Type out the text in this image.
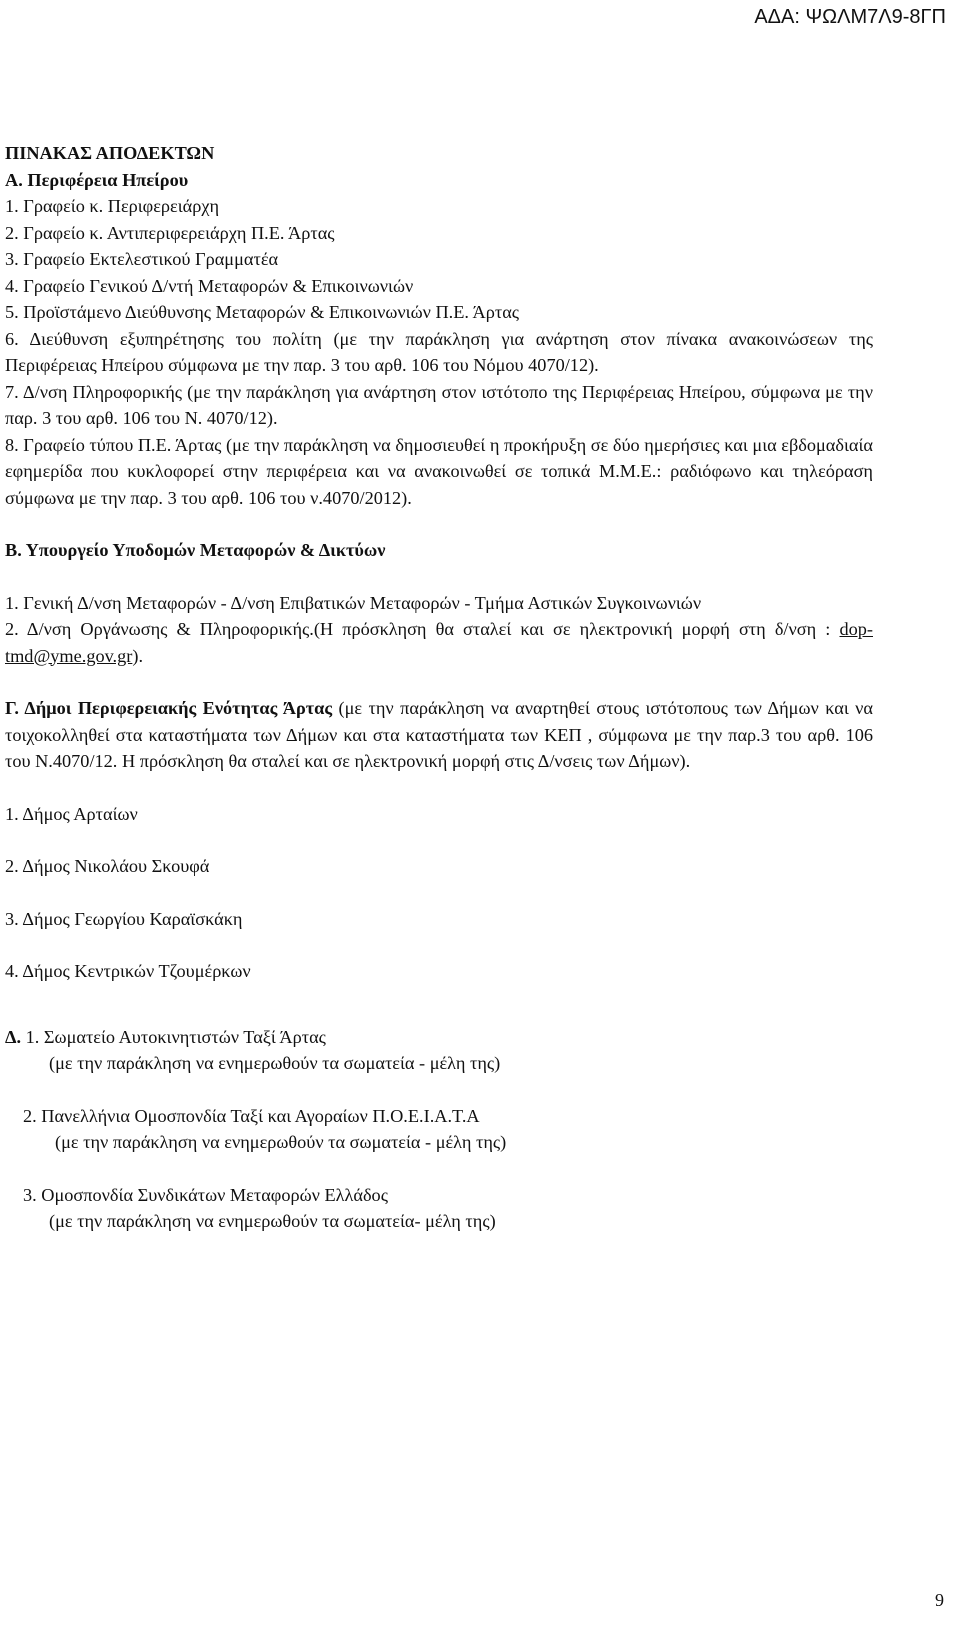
ΑΔΑ: ΨΩΛΜ7Λ9-8ΓΠ
ΠΙΝΑΚΑΣ ΑΠΟΔΕΚΤΩΝ
Α. Περιφέρεια Ηπείρου
1. Γραφείο κ. Περιφερειάρχη
2. Γραφείο κ. Αντιπεριφερειάρχη Π.Ε. Άρτας
3. Γραφείο Εκτελεστικού Γραμματέα
4. Γραφείο Γενικού Δ/ντή Μεταφορών & Επικοινωνιών
5. Προϊστάμενο Διεύθυνσης Μεταφορών & Επικοινωνιών Π.Ε. Άρτας
6. Διεύθυνση εξυπηρέτησης του πολίτη (με την παράκληση για ανάρτηση στον πίνακα ανακοινώσεων της Περιφέρειας Ηπείρου σύμφωνα με την παρ. 3 του αρθ. 106 του Νόμου 4070/12).
7. Δ/νση Πληροφορικής (με την παράκληση για ανάρτηση στον ιστότοπο της Περιφέρειας Ηπείρου, σύμφωνα με την παρ. 3 του αρθ. 106 του Ν. 4070/12).
8. Γραφείο τύπου Π.Ε. Άρτας (με την παράκληση να δημοσιευθεί η προκήρυξη σε δύο ημερήσιες και μια εβδομαδιαία εφημερίδα που κυκλοφορεί στην περιφέρεια και να ανακοινωθεί σε τοπικά Μ.Μ.Ε.: ραδιόφωνο και τηλεόραση σύμφωνα με την παρ. 3 του αρθ. 106 του ν.4070/2012).
Β. Υπουργείο Υποδομών Μεταφορών & Δικτύων
1. Γενική Δ/νση Μεταφορών - Δ/νση Επιβατικών Μεταφορών - Τμήμα Αστικών Συγκοινωνιών
2. Δ/νση Οργάνωσης & Πληροφορικής.(Η πρόσκληση θα σταλεί και σε ηλεκτρονική μορφή στη δ/νση : dop-tmd@yme.gov.gr).
Γ. Δήμοι Περιφερειακής Ενότητας Άρτας (με την παράκληση να αναρτηθεί στους ιστότοπους των Δήμων και να τοιχοκολληθεί στα καταστήματα των Δήμων και στα καταστήματα των ΚΕΠ , σύμφωνα με την παρ.3 του αρθ. 106 του Ν.4070/12. Η πρόσκληση θα σταλεί και σε ηλεκτρονική μορφή στις Δ/νσεις των Δήμων).
1. Δήμος Αρταίων
2. Δήμος Νικολάου Σκουφά
3. Δήμος Γεωργίου Καραϊσκάκη
4. Δήμος Κεντρικών Τζουμέρκων
Δ. 1. Σωματείο Αυτοκινητιστών Ταξί Άρτας
(με την παράκληση να ενημερωθούν τα σωματεία - μέλη της)
2. Πανελλήνια Ομοσπονδία Ταξί και Αγοραίων Π.Ο.Ε.Ι.Α.Τ.Α
(με την παράκληση να ενημερωθούν τα σωματεία - μέλη της)
3. Ομοσπονδία Συνδικάτων Μεταφορών Ελλάδος
(με την παράκληση να ενημερωθούν τα σωματεία- μέλη της)
9
